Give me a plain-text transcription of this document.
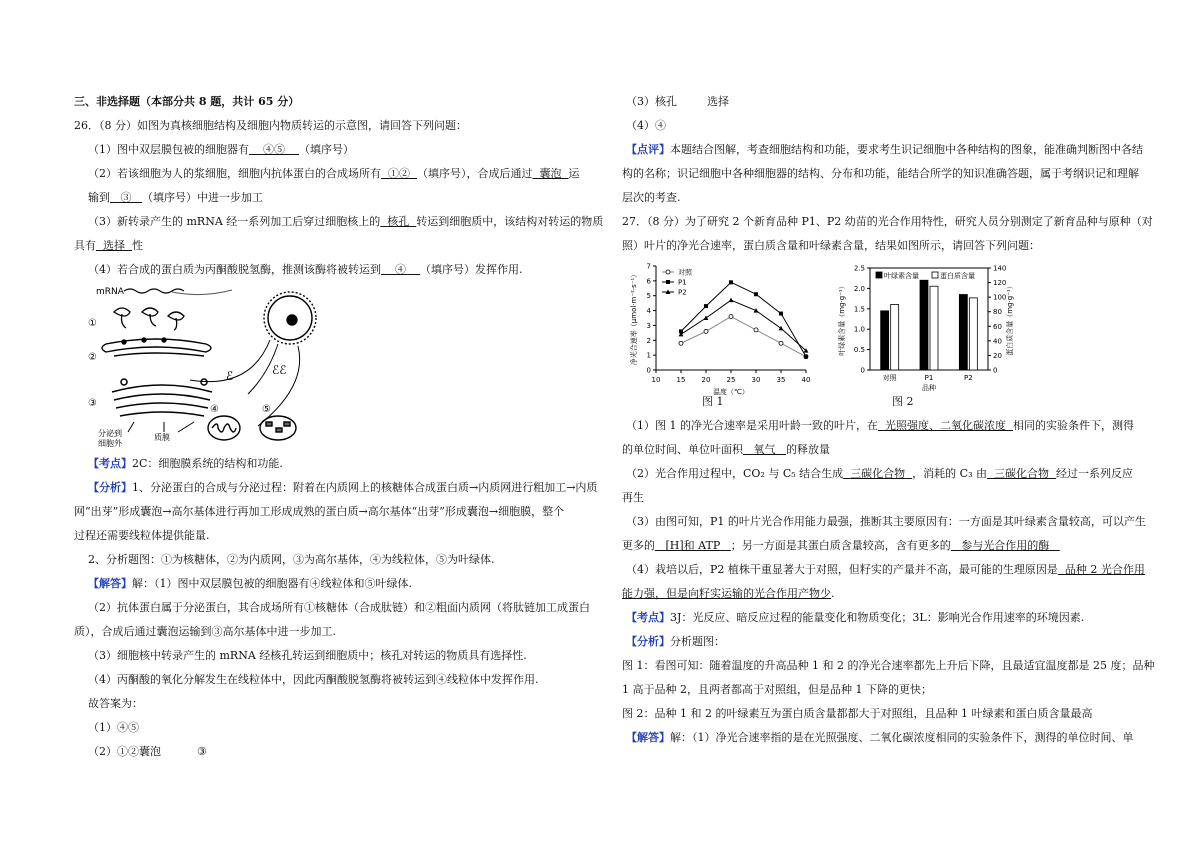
三、非选择题（本部分共 8 题，共计 65 分）
26．（8 分）如图为真核细胞结构及细胞内物质转运的示意图，请回答下列问题：
（1）图中双层膜包被的细胞器有 ④⑤ （填序号）
（2）若该细胞为人的浆细胞，细胞内抗体蛋白的合成场所有 ①② （填序号），合成后通过 囊泡 运
输到 ③ （填序号）中进一步加工
（3）新转录产生的 mRNA 经一系列加工后穿过细胞核上的 核孔 转运到细胞质中，该结构对转运的物质
具有 选择 性
（4）若合成的蛋白质为丙酮酸脱氢酶，推测该酶将被转运到 ④ （填序号）发挥作用.
mRNA
①
②
③
分泌到
细胞外
质膜
ℰ	ℰℰ
④	⑤
【考点】2C：细胞膜系统的结构和功能.
【分析】1、分泌蛋白的合成与分泌过程：附着在内质网上的核糖体合成蛋白质→内质网进行粗加工→内质
网“出芽”形成囊泡→高尔基体进行再加工形成成熟的蛋白质→高尔基体“出芽”形成囊泡→细胞膜，整个
过程还需要线粒体提供能量.
2、分析题图：①为核糖体，②为内质网，③为高尔基体，④为线粒体，⑤为叶绿体.
【解答】解：（1）图中双层膜包被的细胞器有④线粒体和⑤叶绿体.
（2）抗体蛋白属于分泌蛋白，其合成场所有①核糖体（合成肽链）和②粗面内质网（将肽链加工成蛋白
质），合成后通过囊泡运输到③高尔基体中进一步加工.
（3）细胞核中转录产生的 mRNA 经核孔转运到细胞质中；核孔对转运的物质具有选择性.
（4）丙酮酸的氧化分解发生在线粒体中，因此丙酮酸脱氢酶将被转运到④线粒体中发挥作用.
故答案为：
（1）④⑤
（2）①②囊泡	③
（3）核孔	选择
（4）④
【点评】本题结合图解，考查细胞结构和功能，要求考生识记细胞中各种结构的图象，能准确判断图中各结
构的名称；识记细胞中各种细胞器的结构、分布和功能，能结合所学的知识准确答题，属于考纲识记和理解
层次的考查.
27．（8 分）为了研究 2 个新育品种 P1、P2 幼苗的光合作用特性，研究人员分别测定了新育品种与原种（对
照）叶片的净光合速率，蛋白质含量和叶绿素含量，结果如图所示，请回答下列问题：
10 15 20 25 30 35 40
0
1
2
3
4
5
6
7
温度（℃）
净光合速率（μmol·m⁻²·s⁻¹）	对照
P1
P2
图 1
0
0.5
1.0
1.5
2.0
2.5
0
20
40
60
80
100
120
140
叶绿素含量（mg·g⁻¹）	蛋白质含量（mg·g⁻¹）
对照	P1	P2
品种
叶绿素含量	蛋白质含量
图 2
（1）图 1 的净光合速率是采用叶龄一致的叶片，在 光照强度、二氧化碳浓度 相同的实验条件下，测得
的单位时间、单位叶面积 氧气 的释放量
（2）光合作用过程中，CO₂ 与 C₅ 结合生成 三碳化合物 ，消耗的 C₃ 由 三碳化合物 经过一系列反应
再生
（3）由图可知，P1 的叶片光合作用能力最强，推断其主要原因有：一方面是其叶绿素含量较高，可以产生
更多的 [H]和 ATP ；另一方面是其蛋白质含量较高，含有更多的 参与光合作用的酶
（4）栽培以后，P2 植株干重显著大于对照，但籽实的产量并不高，最可能的生理原因是 品种 2 光合作用
能力强，但是向籽实运输的光合作用产物少.
【考点】3J：光反应、暗反应过程的能量变化和物质变化；3L：影响光合作用速率的环境因素.
【分析】分析题图：
图 1：看图可知：随着温度的升高品种 1 和 2 的净光合速率都先上升后下降，且最适宜温度都是 25 度；品种
1 高于品种 2，且两者都高于对照组，但是品种 1 下降的更快；
图 2：品种 1 和 2 的叶绿素互为蛋白质含量都都大于对照组，且品种 1 叶绿素和蛋白质含量最高
【解答】解：（1）净光合速率指的是在光照强度、二氧化碳浓度相同的实验条件下，测得的单位时间、单
